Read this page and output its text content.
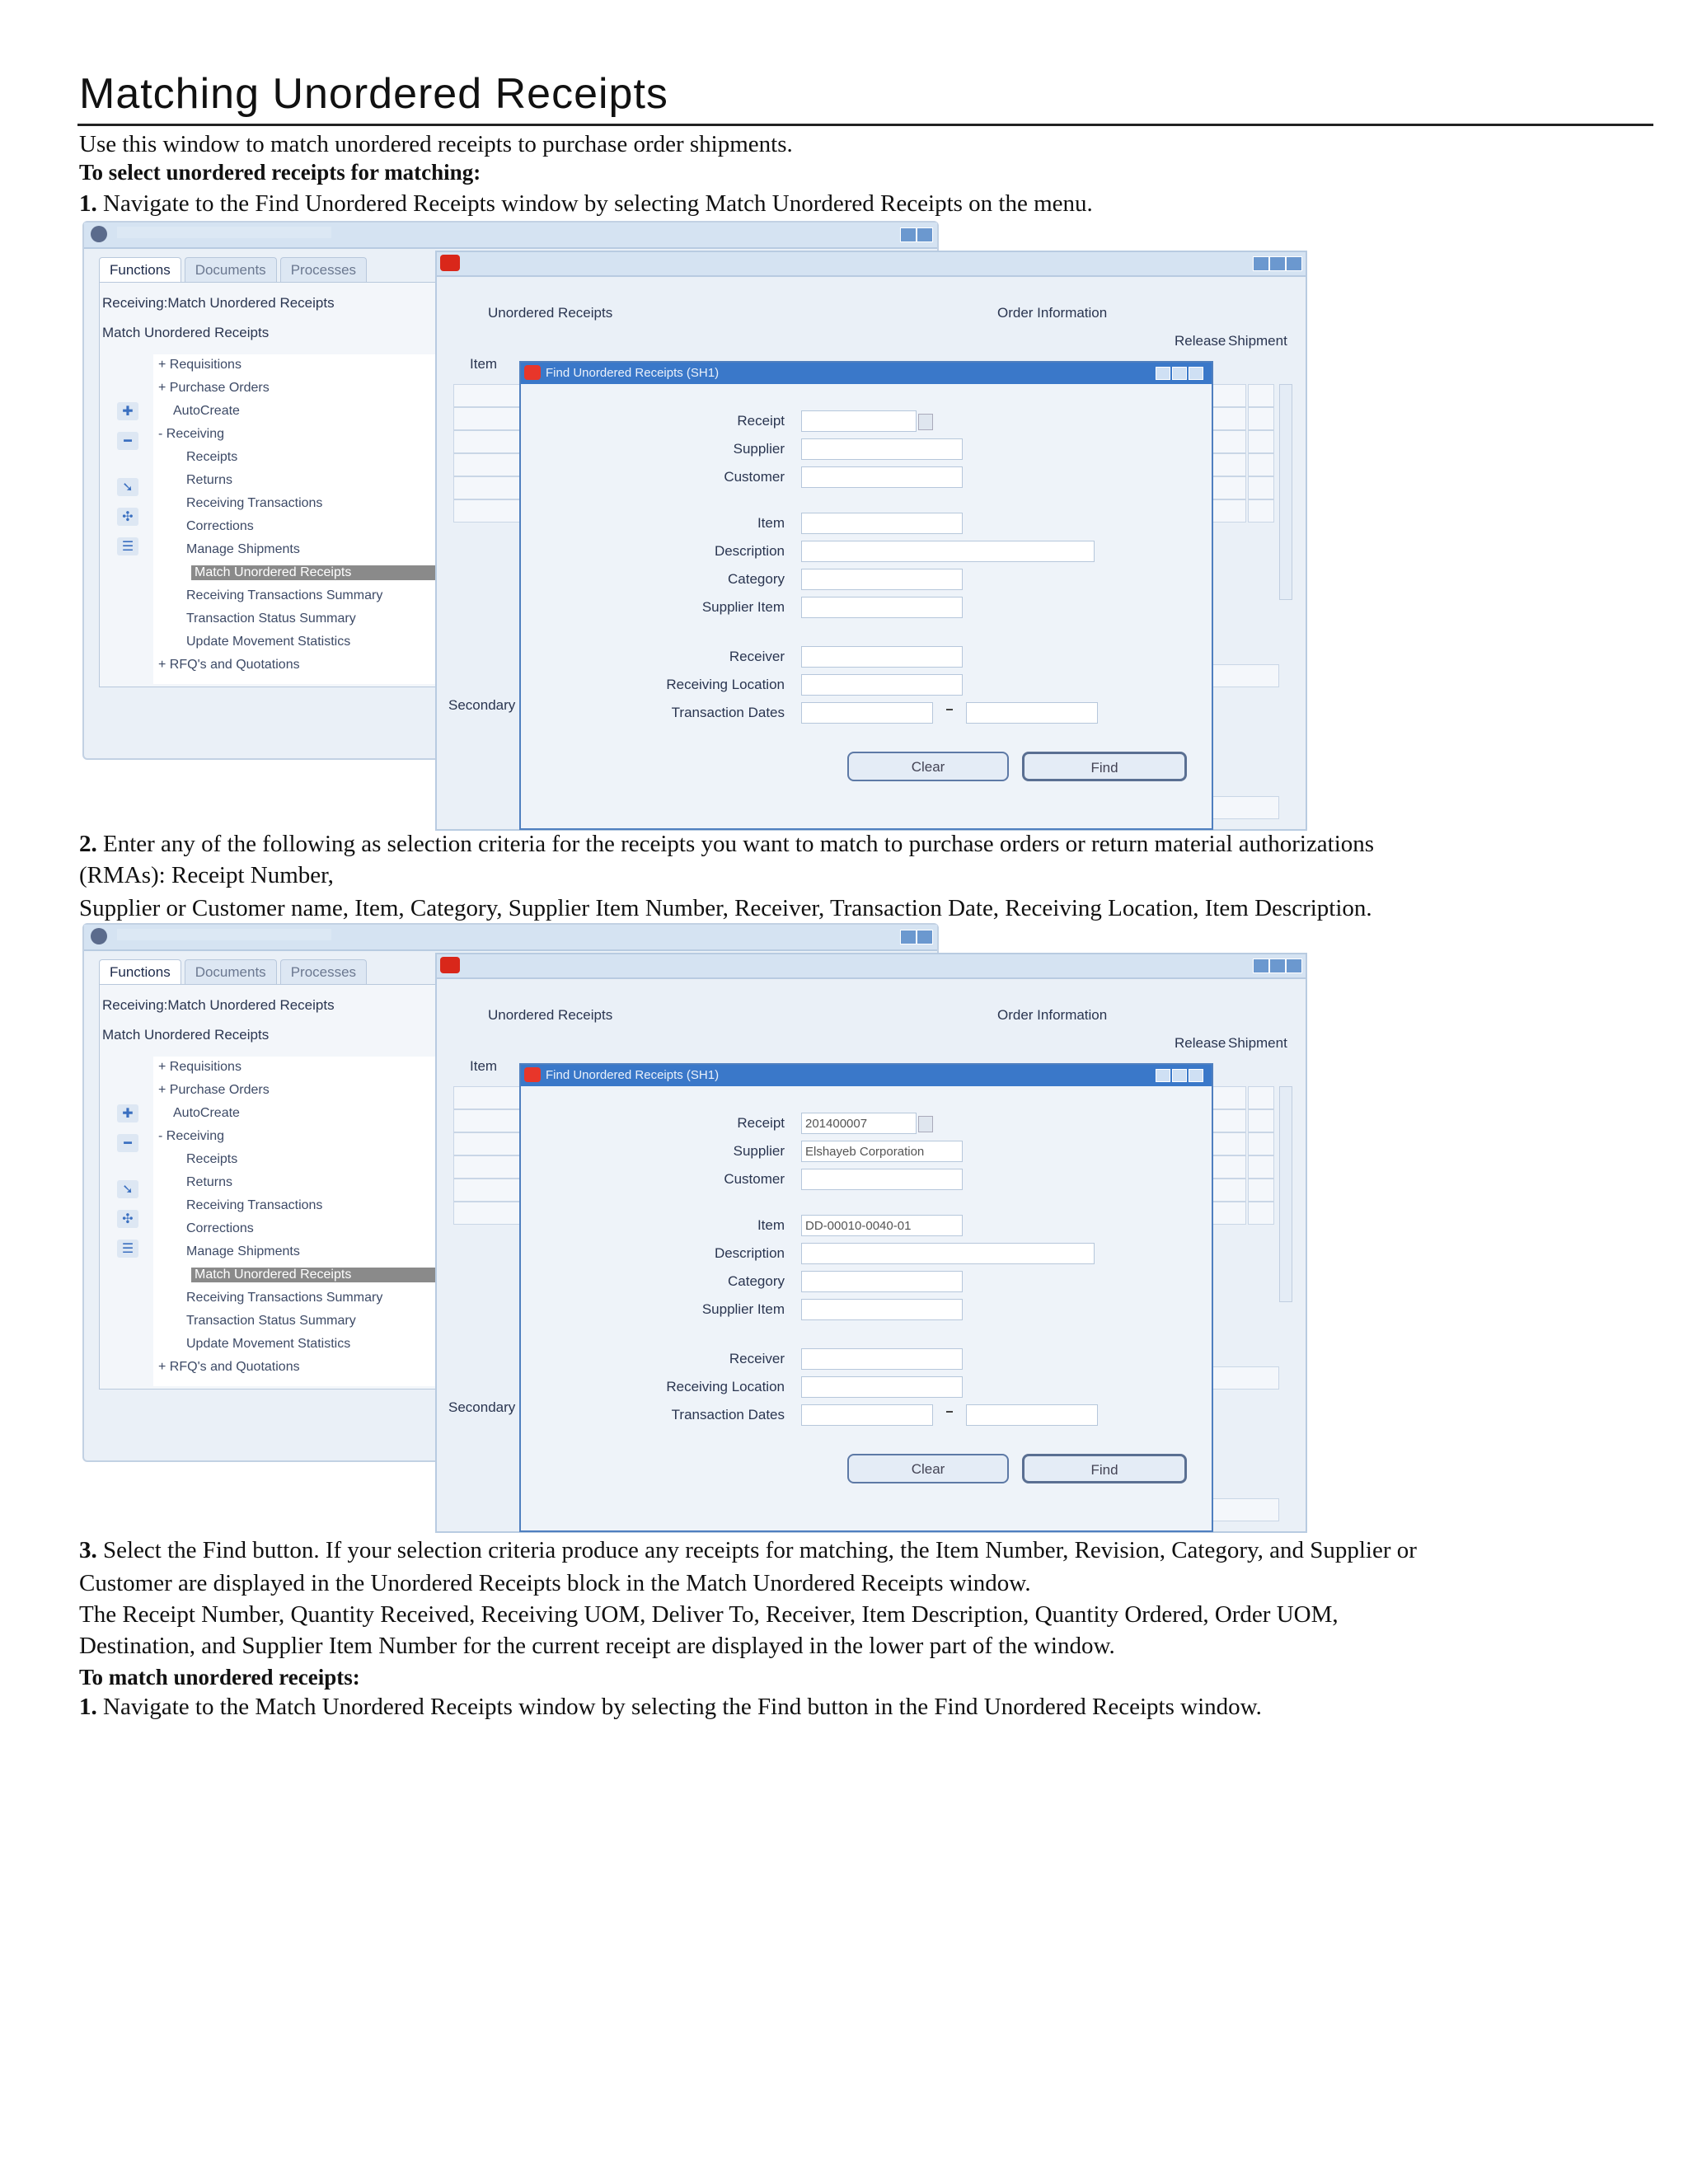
Matching Unordered Receipts
Use this window to match unordered receipts to purchase order shipments.
To select unordered receipts for matching:
1. Navigate to the Find Unordered Receipts window by selecting Match Unordered Receipts on the menu.
Functions Documents Processes
Receiving:Match Unordered Receipts
Match Unordered Receipts
+ Requisitions
+ Purchase Orders
AutoCreate
- Receiving
Receipts
Returns
Receiving Transactions
Corrections
Manage Shipments
Match Unordered Receipts
Receiving Transactions Summary
Transaction Status Summary
Update Movement Statistics
+ RFQ's and Quotations
✚
━
➘
✣
☰
Unordered Receipts	Order Information
Release Shipment
Item
Secondary
Find Unordered Receipts (SH1)
Receipt
Supplier
Customer
Item
Description
Category
Supplier Item
Receiver
Receiving Location
Transaction Dates
Clear	Find
2. Enter any of the following as selection criteria for the receipts you want to match to purchase orders or return material authorizations
(RMAs): Receipt Number,
Supplier or Customer name, Item, Category, Supplier Item Number, Receiver, Transaction Date, Receiving Location, Item Description.
Functions Documents Processes
Receiving:Match Unordered Receipts
Match Unordered Receipts
+ Requisitions
+ Purchase Orders
AutoCreate
- Receiving
Receipts
Returns
Receiving Transactions
Corrections
Manage Shipments
Match Unordered Receipts
Receiving Transactions Summary
Transaction Status Summary
Update Movement Statistics
+ RFQ's and Quotations
✚
━
➘
✣
☰
Unordered Receipts	Order Information
Release Shipment
Item
Secondary
Find Unordered Receipts (SH1)
Receipt	201400007
Supplier	Elshayeb Corporation
Customer
Item	DD-00010-0040-01
Description
Category
Supplier Item
Receiver
Receiving Location
Transaction Dates
Clear	Find
3. Select the Find button. If your selection criteria produce any receipts for matching, the Item Number, Revision, Category, and Supplier or
Customer are displayed in the Unordered Receipts block in the Match Unordered Receipts window.
The Receipt Number, Quantity Received, Receiving UOM, Deliver To, Receiver, Item Description, Quantity Ordered, Order UOM,
Destination, and Supplier Item Number for the current receipt are displayed in the lower part of the window.
To match unordered receipts:
1. Navigate to the Match Unordered Receipts window by selecting the Find button in the Find Unordered Receipts window.
